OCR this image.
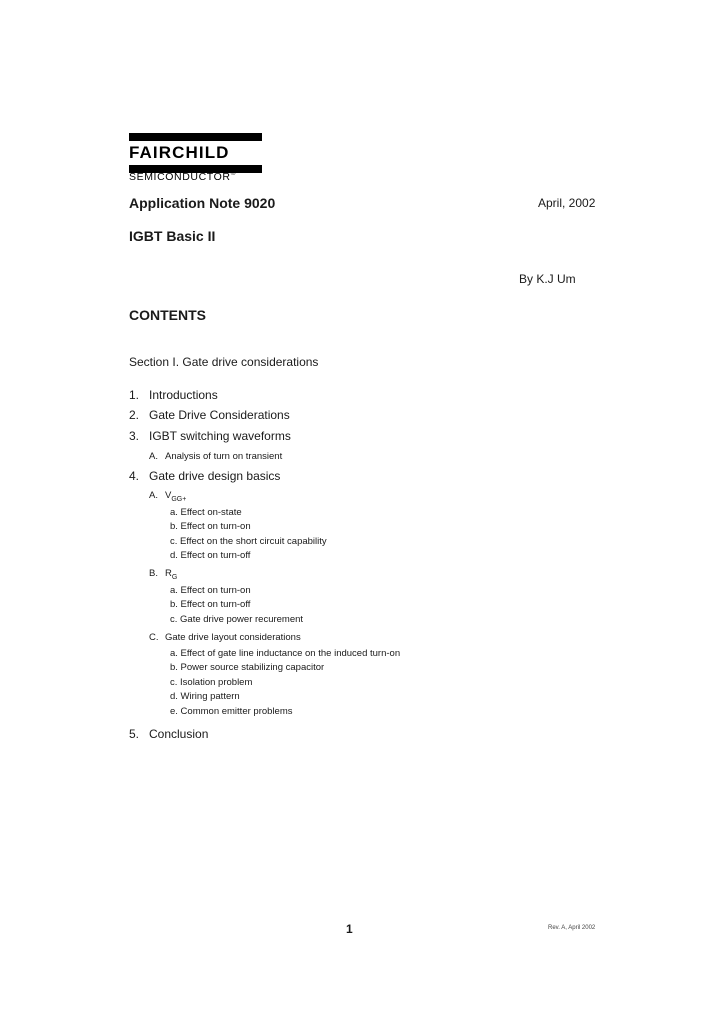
FAIRCHILD
SEMICONDUCTOR®
Application Note 9020	April, 2002
IGBT Basic II
By K.J Um
CONTENTS
Section I. Gate drive considerations
1. Introductions
2. Gate Drive Considerations
3. IGBT switching waveforms
A. Analysis of turn on transient
4. Gate drive design basics
A. $V_{GG+}$
a. Effect on-state
b. Effect on turn-on
c. Effect on the short circuit capability
d. Effect on turn-off
B. $R_G$
a. Effect on turn-on
b. Effect on turn-off
c. Gate drive power recurement
C. Gate drive layout considerations
a. Effect of gate line inductance on the induced turn-on
b. Power source stabilizing capacitor
c. Isolation problem
d. Wiring pattern
e. Common emitter problems
5. Conclusion
1	Rev. A, April 2002
